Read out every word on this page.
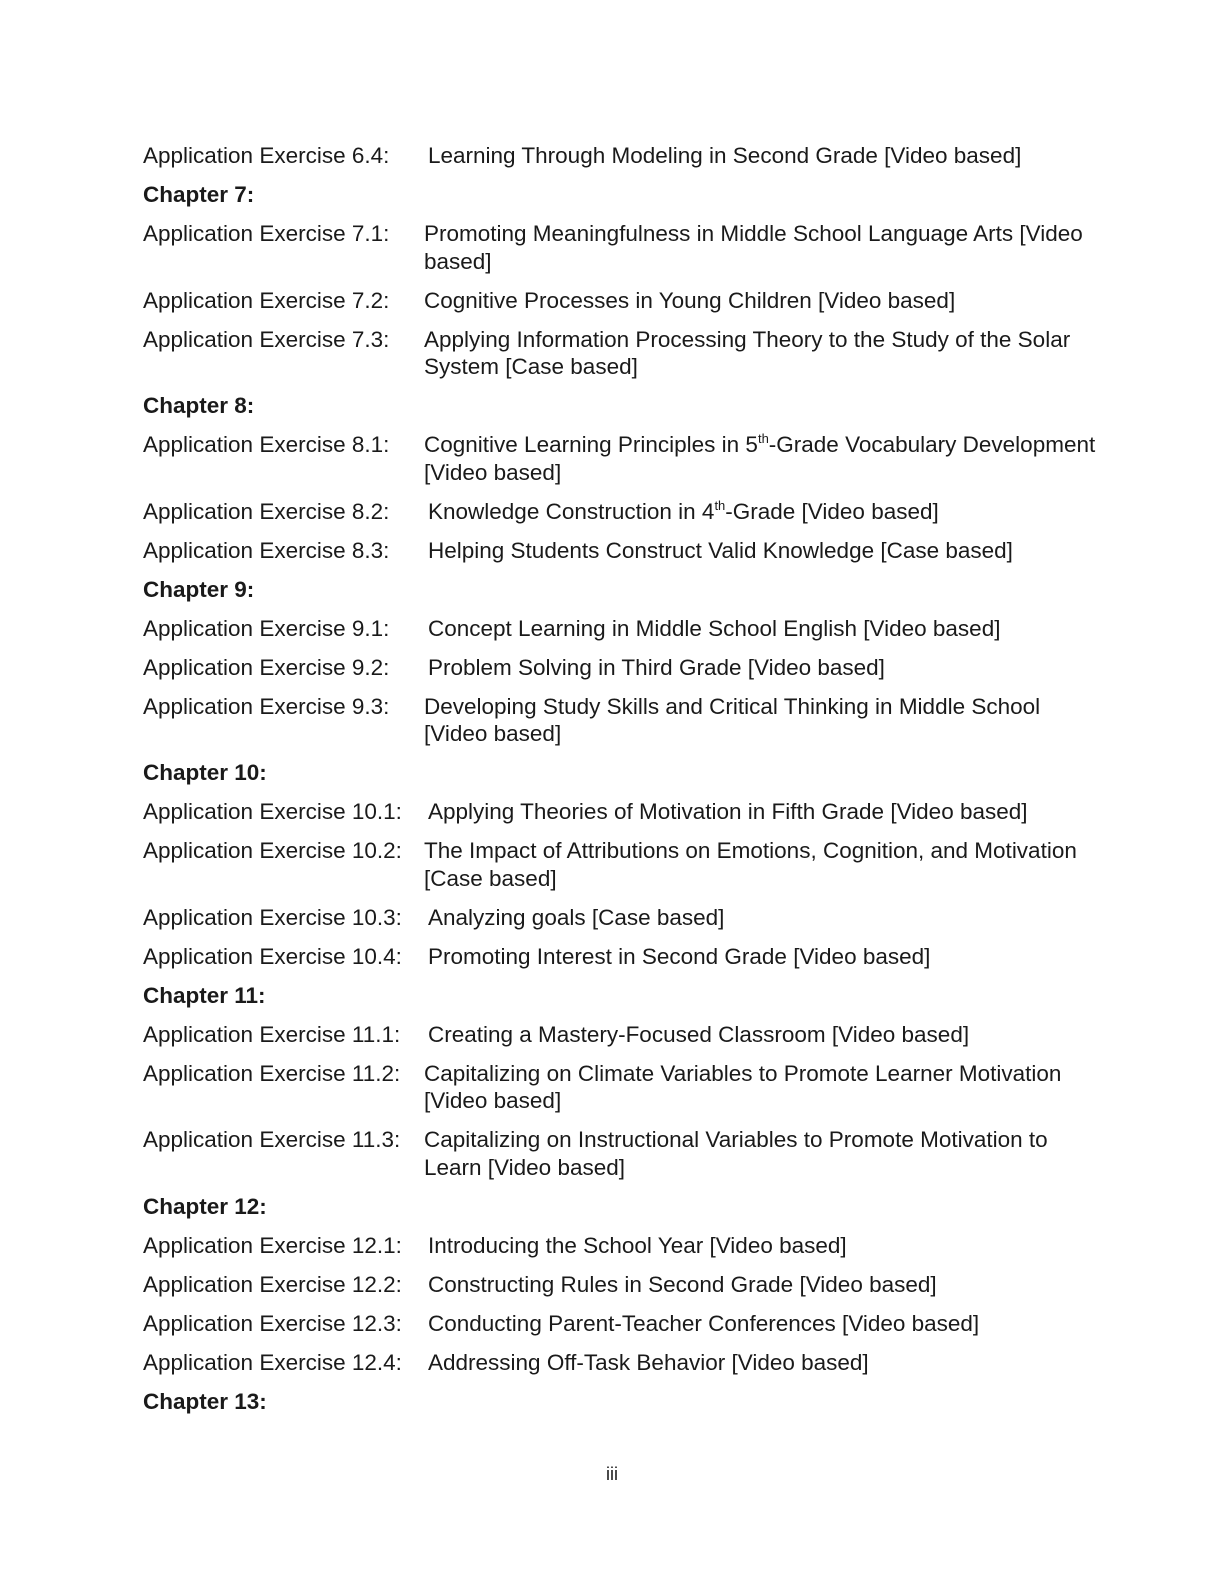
Application Exercise 6.4:	Learning Through Modeling in Second Grade [Video based]
Chapter 7:
Application Exercise 7.1:	Promoting Meaningfulness in Middle School Language Arts [Video based]
Application Exercise 7.2:	Cognitive Processes in Young Children [Video based]
Application Exercise 7.3:	Applying Information Processing Theory to the Study of the Solar System [Case based]
Chapter 8:
Application Exercise 8.1:	Cognitive Learning Principles in 5th-Grade Vocabulary Development [Video based]
Application Exercise 8.2:	Knowledge Construction in 4th-Grade [Video based]
Application Exercise 8.3:	Helping Students Construct Valid Knowledge [Case based]
Chapter 9:
Application Exercise 9.1:	Concept Learning in Middle School English [Video based]
Application Exercise 9.2:	Problem Solving in Third Grade [Video based]
Application Exercise 9.3:	Developing Study Skills and Critical Thinking in Middle School [Video based]
Chapter 10:
Application Exercise 10.1:	Applying Theories of Motivation in Fifth Grade [Video based]
Application Exercise 10.2: The Impact of Attributions on Emotions, Cognition, and Motivation [Case based]
Application Exercise 10.3:	Analyzing goals [Case based]
Application Exercise 10.4:	Promoting Interest in Second Grade [Video based]
Chapter 11:
Application Exercise 11.1:	Creating a Mastery-Focused Classroom [Video based]
Application Exercise 11.2:	Capitalizing on Climate Variables to Promote Learner Motivation [Video based]
Application Exercise 11.3:	Capitalizing on Instructional Variables to Promote Motivation to Learn [Video based]
Chapter 12:
Application Exercise 12.1:	Introducing the School Year [Video based]
Application Exercise 12.2:	Constructing Rules in Second Grade [Video based]
Application Exercise 12.3:	Conducting Parent-Teacher Conferences [Video based]
Application Exercise 12.4:	Addressing Off-Task Behavior [Video based]
Chapter 13:
iii
